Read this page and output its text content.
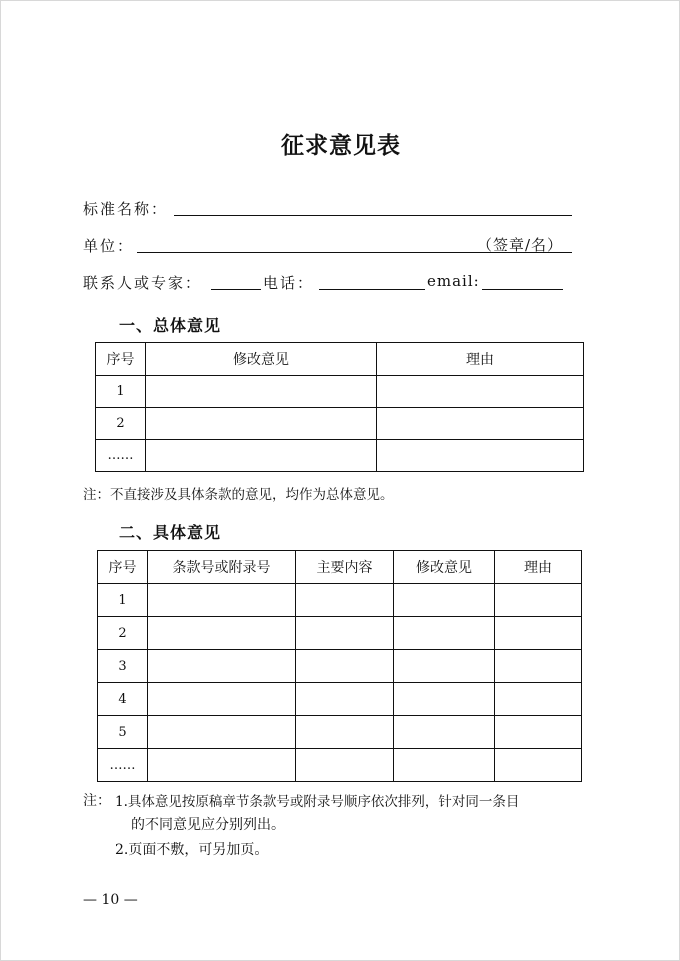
征求意见表
标准名称：
单位：	（签章/名）
联系人或专家：	电话：	email:
一、总体意见
序号	修改意见	理由
1		
2		
……		
注：不直接涉及具体条款的意见，均作为总体意见。
二、具体意见
序号	条款号或附录号	主要内容	修改意见	理由
1				
2				
3				
4				
5				
……				
注： 1.具体意见按原稿章节条款号或附录号顺序依次排列，针对同一条目
的不同意见应分别列出。
2.页面不敷，可另加页。
— 10 —
